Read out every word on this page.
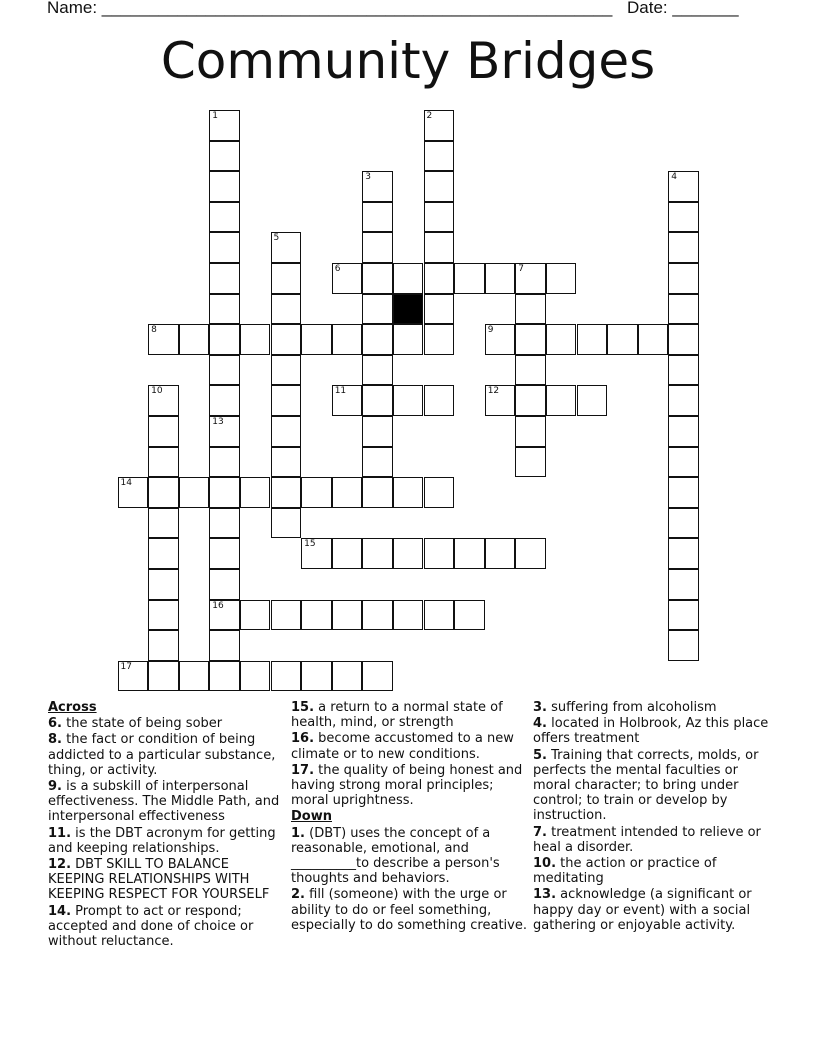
Name: ______________________________________________________ Date: _______
Community Bridges
1
13
2
3	4
5
7
10
16
6
8	9
11	12
14
15
17
Across
6. the state of being sober
8. the fact or condition of being addicted to a particular substance, thing, or activity.
9. is a subskill of interpersonal effectiveness. The Middle Path, and interpersonal effectiveness
11. is the DBT acronym for getting and keeping relationships.
12. DBT SKILL TO BALANCE KEEPING RELATIONSHIPS WITH KEEPING RESPECT FOR YOURSELF
14. Prompt to act or respond; accepted and done of choice or without reluctance.
15. a return to a normal state of health, mind, or strength
16. become accustomed to a new climate or to new conditions.
17. the quality of being honest and having strong moral principles; moral uprightness.
Down
1. (DBT) uses the concept of a reasonable, emotional, and __________to describe a person's thoughts and behaviors.
2. fill (someone) with the urge or ability to do or feel something, especially to do something creative.
3. suffering from alcoholism
4. located in Holbrook, Az this place offers treatment
5. Training that corrects, molds, or perfects the mental faculties or moral character; to bring under control; to train or develop by instruction.
7. treatment intended to relieve or heal a disorder.
10. the action or practice of meditating
13. acknowledge (a significant or happy day or event) with a social gathering or enjoyable activity.
